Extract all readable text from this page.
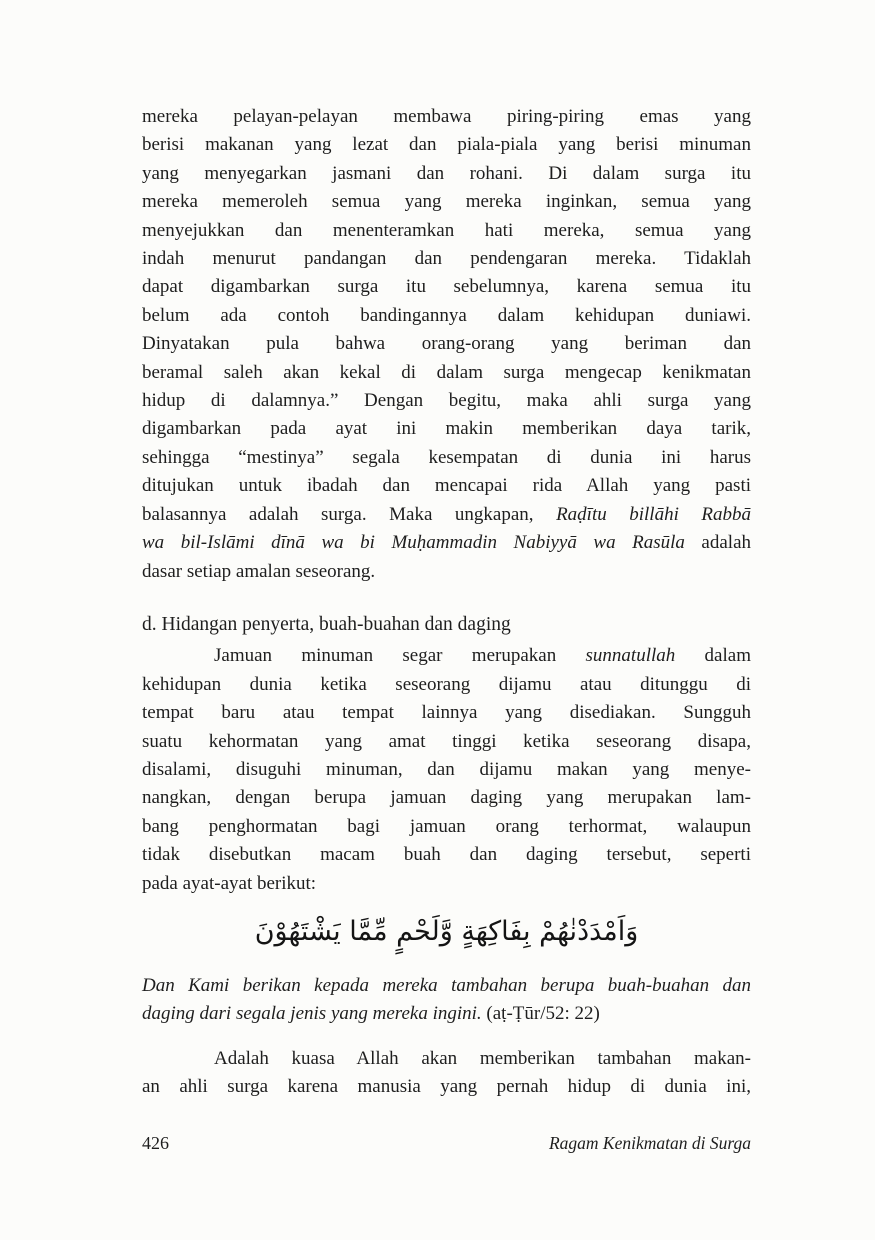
mereka pelayan-pelayan membawa piring-piring emas yang
berisi makanan yang lezat dan piala-piala yang berisi minuman
yang menyegarkan jasmani dan rohani. Di dalam surga itu
mereka memeroleh semua yang mereka inginkan, semua yang
menyejukkan dan menenteramkan hati mereka, semua yang
indah menurut pandangan dan pendengaran mereka. Tidaklah
dapat digambarkan surga itu sebelumnya, karena semua itu
belum ada contoh bandingannya dalam kehidupan duniawi.
Dinyatakan pula bahwa orang-orang yang beriman dan
beramal saleh akan kekal di dalam surga mengecap kenikmatan
hidup di dalamnya.” Dengan begitu, maka ahli surga yang
digambarkan pada ayat ini makin memberikan daya tarik,
sehingga “mestinya” segala kesempatan di dunia ini harus
ditujukan untuk ibadah dan mencapai rida Allah yang pasti
balasannya adalah surga. Maka ungkapan, Raḍītu billāhi Rabbā
wa bil-Islāmi dīnā wa bi Muḥammadin Nabiyyā wa Rasūla adalah
dasar setiap amalan seseorang.
d. Hidangan penyerta, buah-buahan dan daging
Jamuan minuman segar merupakan sunnatullah dalam
kehidupan dunia ketika seseorang dijamu atau ditunggu di
tempat baru atau tempat lainnya yang disediakan. Sungguh
suatu kehormatan yang amat tinggi ketika seseorang disapa,
disalami, disuguhi minuman, dan dijamu makan yang menye-
nangkan, dengan berupa jamuan daging yang merupakan lam-
bang penghormatan bagi jamuan orang terhormat, walaupun
tidak disebutkan macam buah dan daging tersebut, seperti
pada ayat-ayat berikut:
وَاَمْدَدْنٰهُمْ بِفَاكِهَةٍ وَّلَحْمٍ مِّمَّا يَشْتَهُوْنَ
Dan Kami berikan kepada mereka tambahan berupa buah-buahan dan
daging dari segala jenis yang mereka ingini. (aṭ-Ṭūr/52: 22)
Adalah kuasa Allah akan memberikan tambahan makan-
an ahli surga karena manusia yang pernah hidup di dunia ini,
426	Ragam Kenikmatan di Surga
